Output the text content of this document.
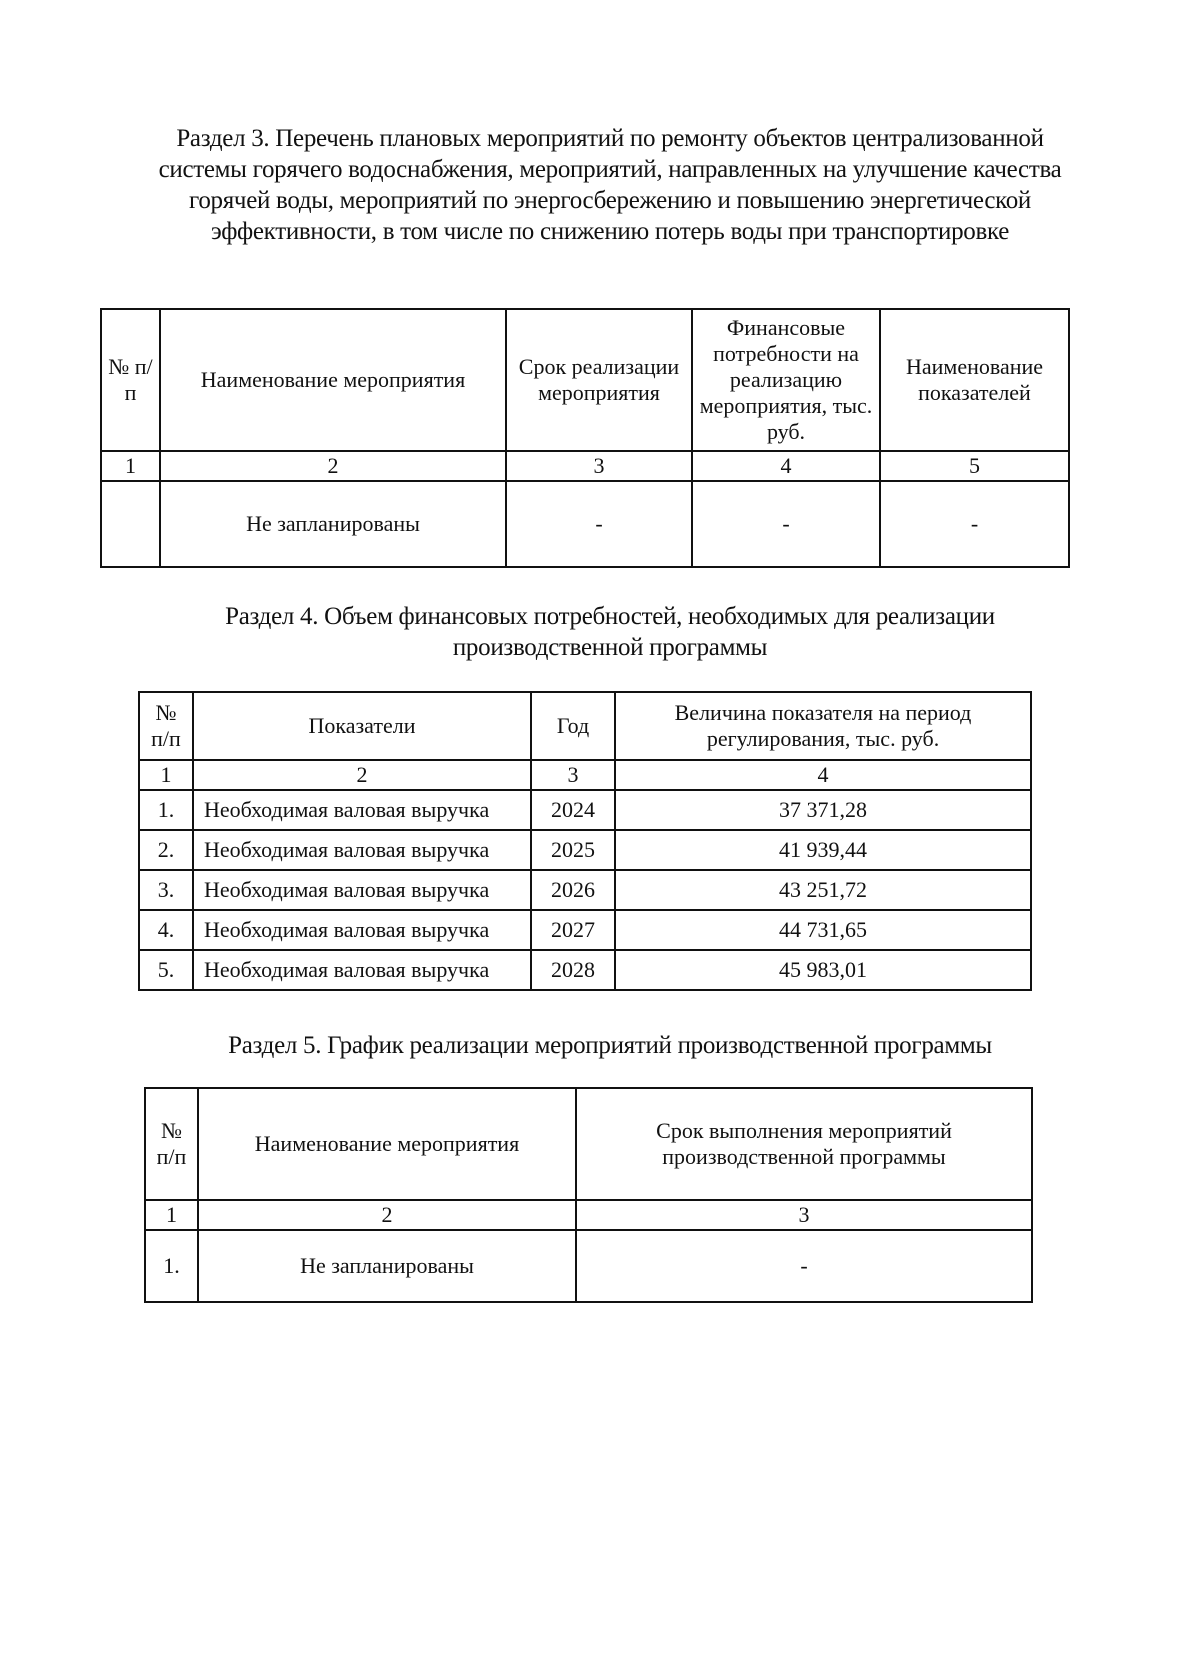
Раздел 3. Перечень плановых мероприятий по ремонту объектов централизованной системы горячего водоснабжения, мероприятий, направленных на улучшение качества горячей воды, мероприятий по энергосбережению и повышению энергетической эффективности, в том числе по снижению потерь воды при транспортировке
№ п/п	Наименование мероприятия	Срок реализации мероприятия	Финансовые потребности на реализацию мероприятия, тыс. руб.	Наименование показателей
1	2	3	4	5
	Не запланированы	-	-	-
Раздел 4. Объем финансовых потребностей, необходимых для реализации производственной программы
№ п/п	Показатели	Год	Величина показателя на период регулирования, тыс. руб.
1	2	3	4
1.	Необходимая валовая выручка	2024	37 371,28
2.	Необходимая валовая выручка	2025	41 939,44
3.	Необходимая валовая выручка	2026	43 251,72
4.	Необходимая валовая выручка	2027	44 731,65
5.	Необходимая валовая выручка	2028	45 983,01
Раздел 5. График реализации мероприятий производственной программы
№ п/п	Наименование мероприятия	Срок выполнения мероприятий производственной программы
1	2	3
1.	Не запланированы	-
